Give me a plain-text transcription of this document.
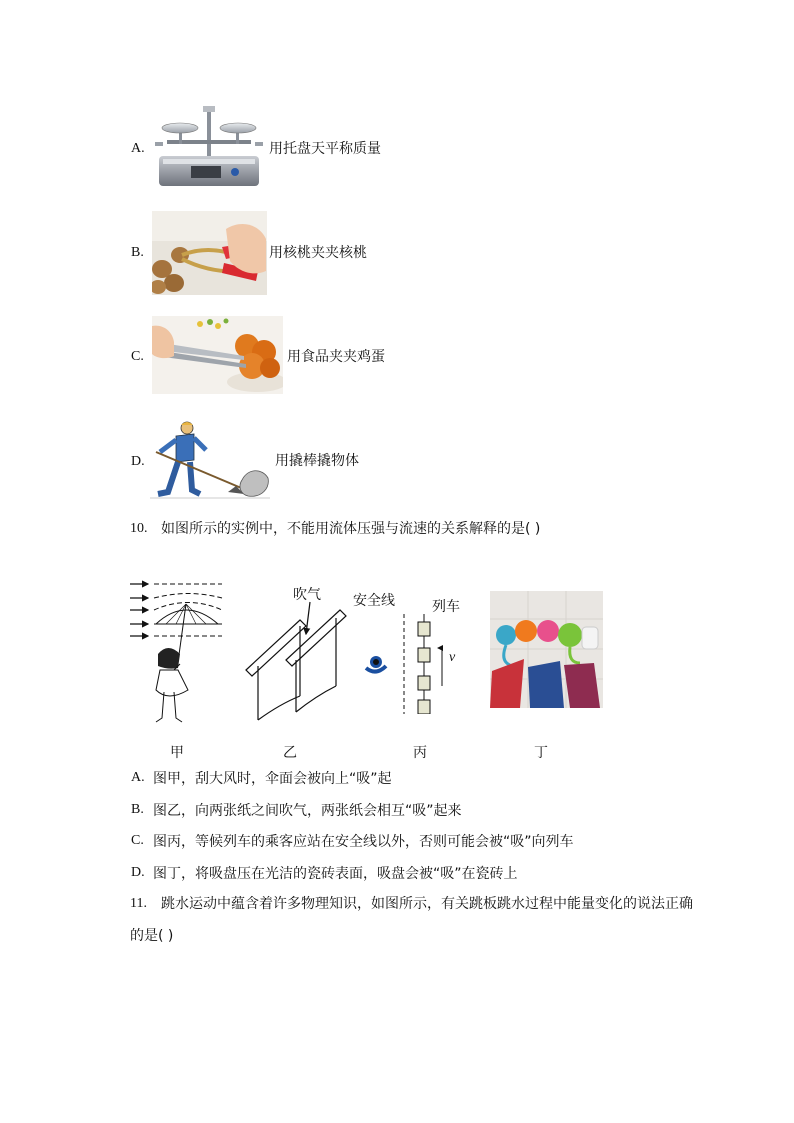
A.	用托盘天平称质量
B.	用核桃夹夹核桃
C.	用食品夹夹鸡蛋
D.	用撬棒撬物体
10. 如图所示的实例中，不能用流体压强与流速的关系解释的是( )
吹气 安全线	列车
v
甲	乙	丙	丁
A. 图甲，刮大风时，伞面会被向上“吸”起
B. 图乙，向两张纸之间吹气，两张纸会相互“吸”起来
C. 图丙，等候列车的乘客应站在安全线以外，否则可能会被“吸”向列车
D. 图丁，将吸盘压在光洁的瓷砖表面，吸盘会被“吸”在瓷砖上
11. 跳水运动中蕴含着许多物理知识，如图所示，有关跳板跳水过程中能量变化的说法正确
的是( )
